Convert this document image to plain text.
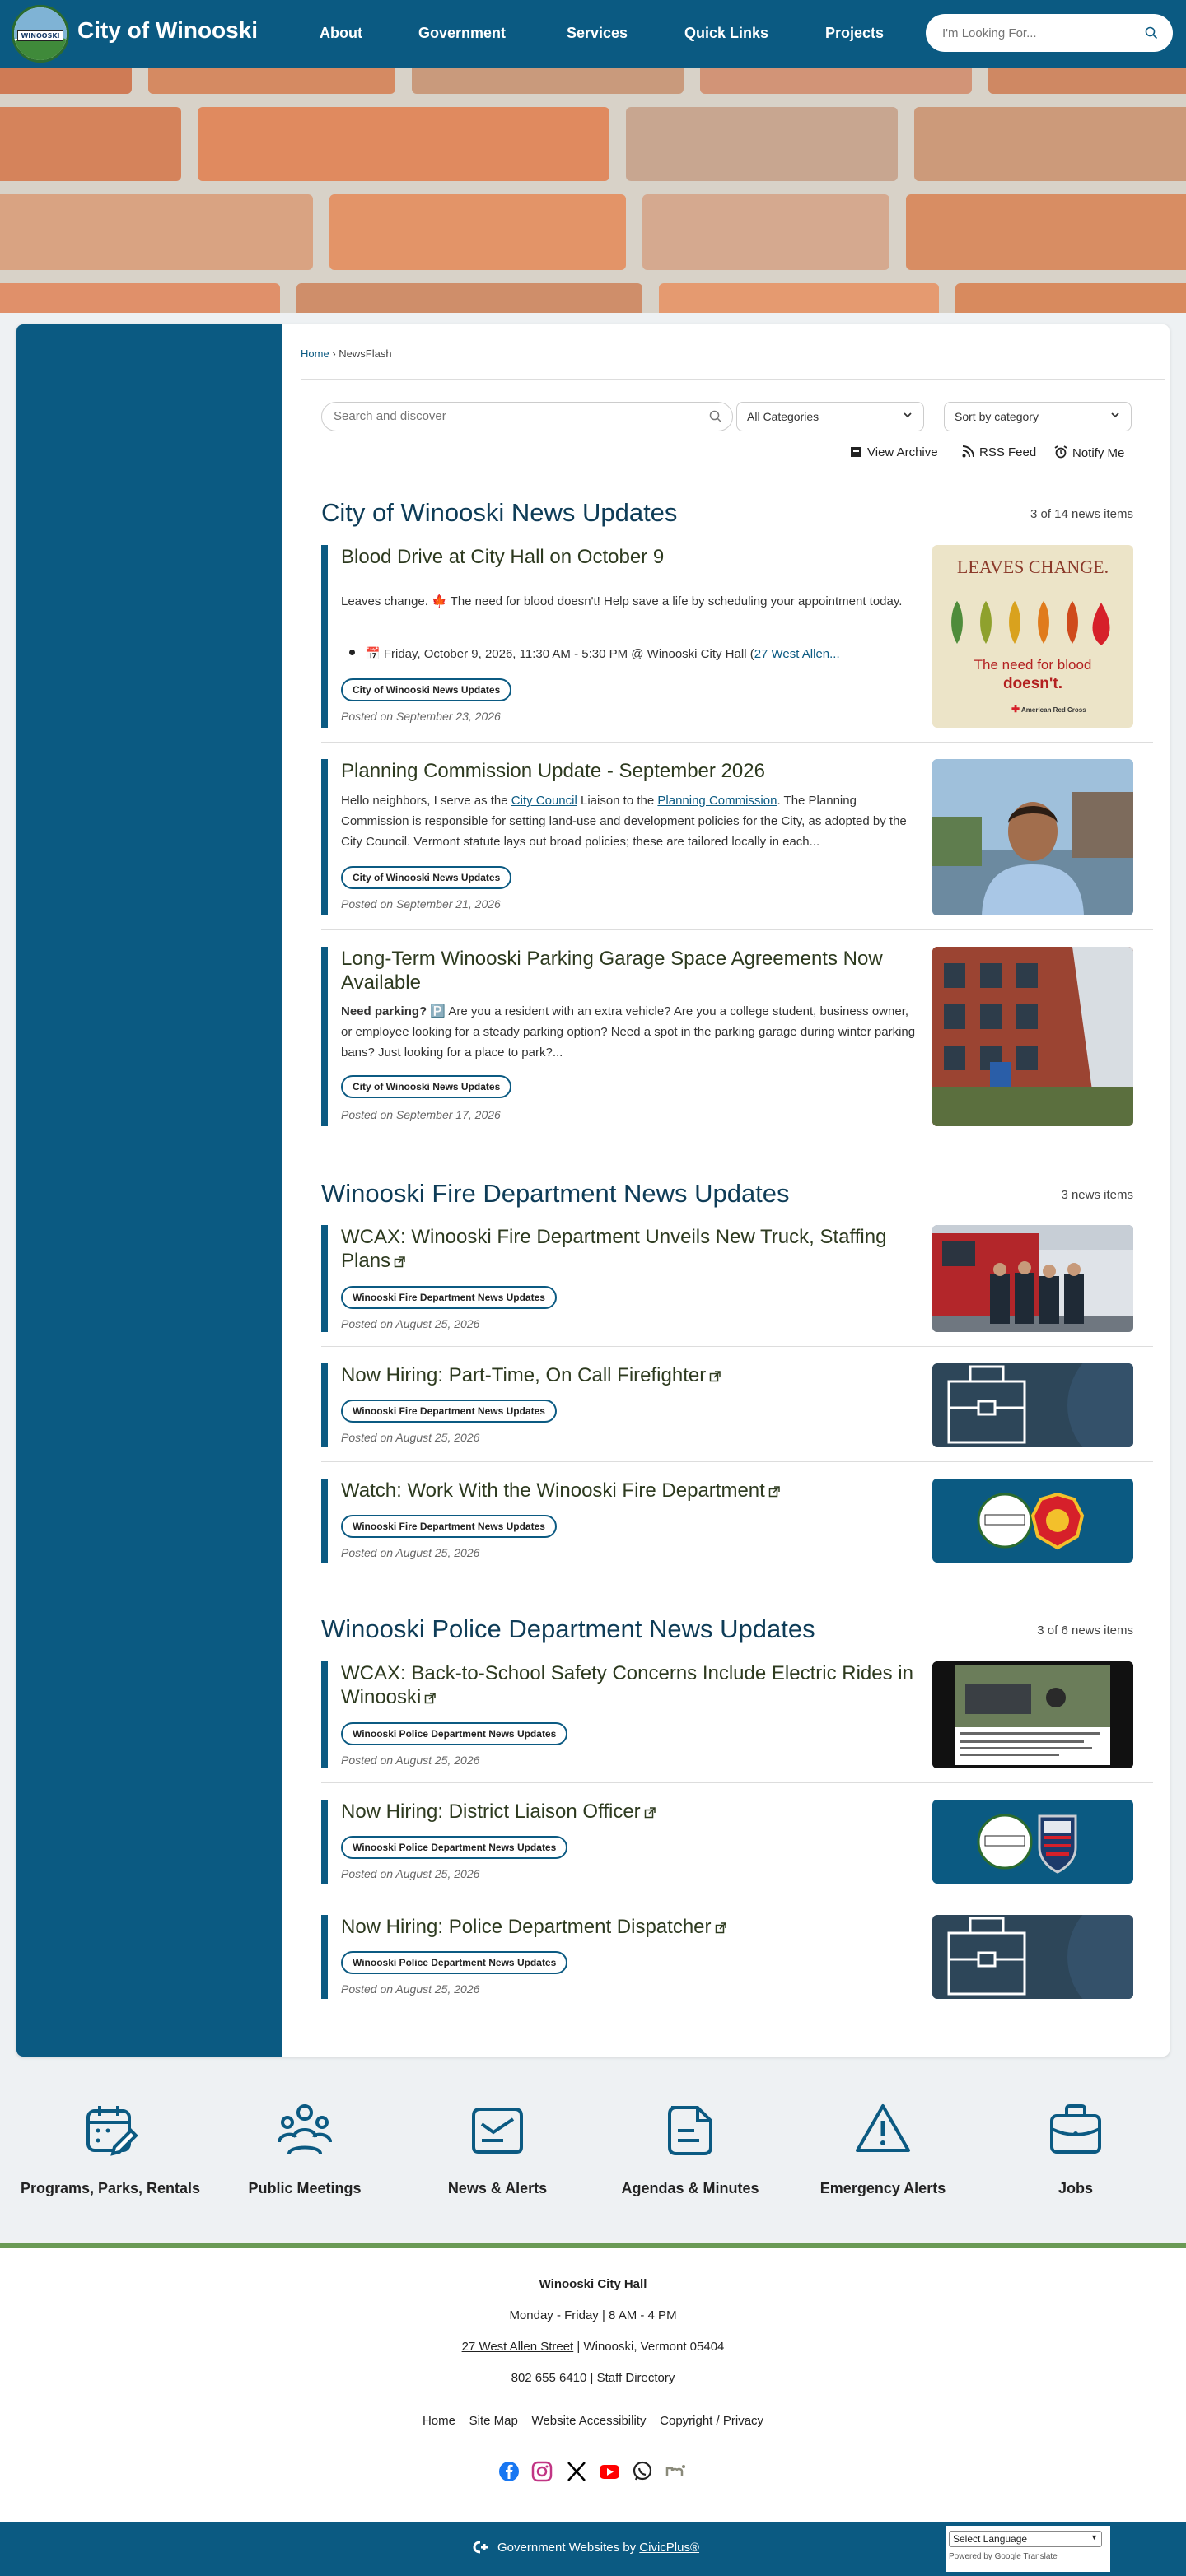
WINOOSKI City of Winooski	About	Government	Services	Quick Links	Projects
I'm Looking For...
Home › NewsFlash
Search and discover
All Categories	Sort by category
View Archive	RSS Feed	Notify Me
City of Winooski News Updates	3 of 14 news items
Blood Drive at City Hall on October 9
Leaves change. 🍁 The need for blood doesn't! Help save a life by scheduling your appointment today.
📅 Friday, October 9, 2026, 11:30 AM - 5:30 PM @ Winooski City Hall (27 West Allen...
City of Winooski News Updates
Posted on September 23, 2026
LEAVES CHANGE.
The need for blood
doesn't.
✚ American Red Cross
Planning Commission Update - September 2026
Hello neighbors, I serve as the City Council Liaison to the Planning Commission. The Planning Commission is responsible for setting land-use and development policies for the City, as adopted by the City Council. Vermont statute lays out broad policies; these are tailored locally in each...
City of Winooski News Updates
Posted on September 21, 2026
Long-Term Winooski Parking Garage Space Agreements Now Available
Need parking? 🅿️ Are you a resident with an extra vehicle? Are you a college student, business owner, or employee looking for a steady parking option? Need a spot in the parking garage during winter parking bans? Just looking for a place to park?...
City of Winooski News Updates
Posted on September 17, 2026
Winooski Fire Department News Updates	3 news items
WCAX: Winooski Fire Department Unveils New Truck, Staffing Plans
Winooski Fire Department News Updates
Posted on August 25, 2026
Now Hiring: Part-Time, On Call Firefighter
Winooski Fire Department News Updates
Posted on August 25, 2026
Watch: Work With the Winooski Fire Department
Winooski Fire Department News Updates
Posted on August 25, 2026
Winooski Police Department News Updates	3 of 6 news items
WCAX: Back-to-School Safety Concerns Include Electric Rides in Winooski
Winooski Police Department News Updates
Posted on August 25, 2026
Now Hiring: District Liaison Officer
Winooski Police Department News Updates
Posted on August 25, 2026
Now Hiring: Police Department Dispatcher
Winooski Police Department News Updates
Posted on August 25, 2026
Programs, Parks, Rentals	Public Meetings	News & Alerts	Agendas & Minutes	Emergency Alerts	Jobs
Winooski City Hall
Monday - Friday | 8 AM - 4 PM
27 West Allen Street | Winooski, Vermont 05404
802 655 6410 | Staff Directory
Home Site Map Website Accessibility Copyright / Privacy
Government Websites by CivicPlus®
Select Language	▼
Powered by Google Translate
